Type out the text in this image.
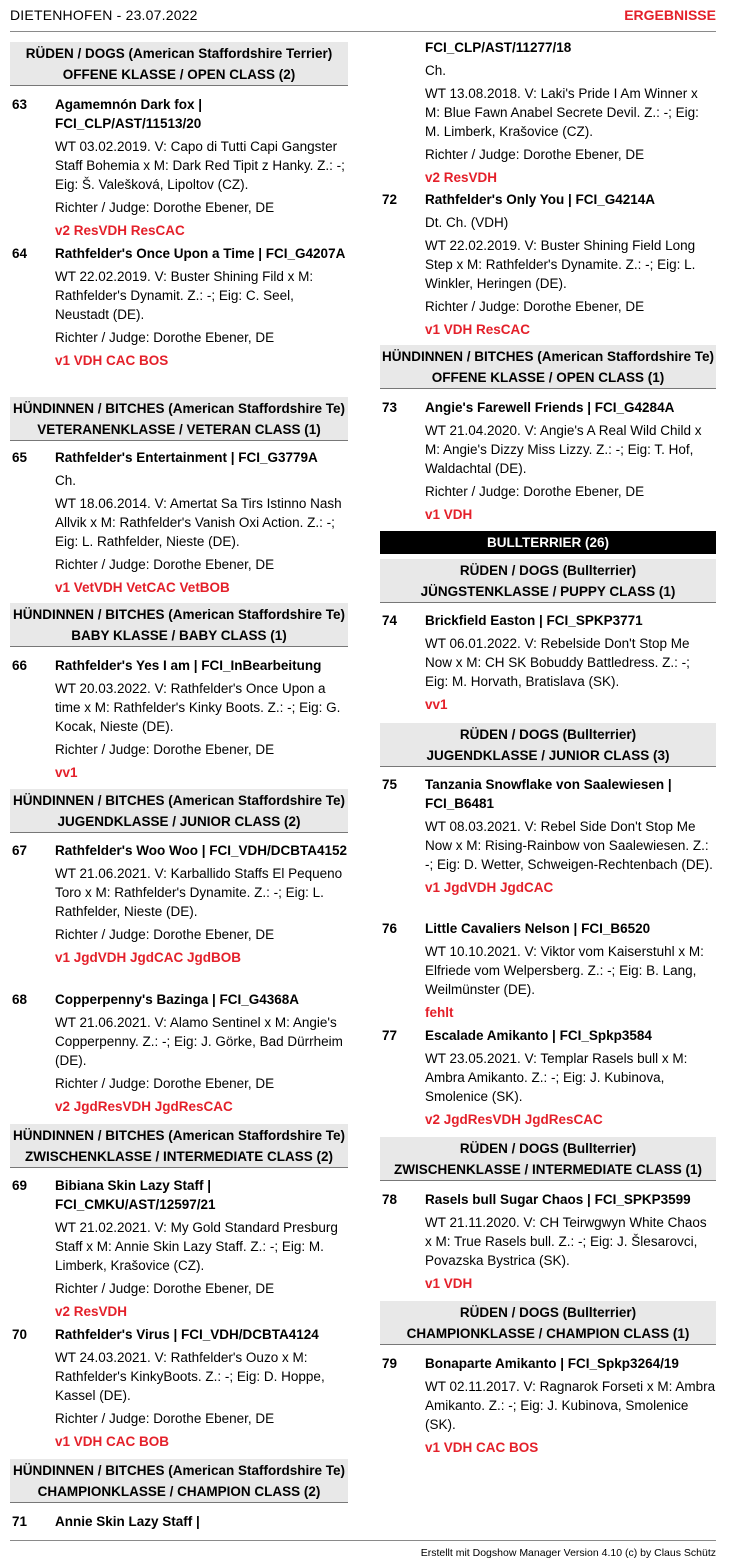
DIETENHOFEN - 23.07.2022	ERGEBNISSE
RÜDEN / DOGS (American Staffordshire Terrier)
OFFENE KLASSE / OPEN CLASS (2)
63 Agamemnón Dark fox | FCI_CLP/AST/11513/20
WT 03.02.2019. V: Capo di Tutti Capi Gangster Staff Bohemia x M: Dark Red Tipit z Hanky. Z.: -; Eig: Š. Valešková, Lipoltov (CZ).
Richter / Judge: Dorothe Ebener, DE
v2 ResVDH ResCAC
64 Rathfelder's Once Upon a Time | FCI_G4207A
WT 22.02.2019. V: Buster Shining Fild x M: Rathfelder's Dynamit. Z.: -; Eig: C. Seel, Neustadt (DE).
Richter / Judge: Dorothe Ebener, DE
v1 VDH CAC BOS
HÜNDINNEN / BITCHES (American Staffordshire Te)
VETERANENKLASSE / VETERAN CLASS (1)
65 Rathfelder's Entertainment | FCI_G3779A
Ch.
WT 18.06.2014. V: Amertat Sa Tirs Istinno Nash Allvik x M: Rathfelder's Vanish Oxi Action. Z.: -; Eig: L. Rathfelder, Nieste (DE).
Richter / Judge: Dorothe Ebener, DE
v1 VetVDH VetCAC VetBOB
HÜNDINNEN / BITCHES (American Staffordshire Te)
BABY KLASSE / BABY CLASS (1)
66 Rathfelder's Yes I am | FCI_InBearbeitung
WT 20.03.2022. V: Rathfelder's Once Upon a time x M: Rathfelder's Kinky Boots. Z.: -; Eig: G. Kocak, Nieste (DE).
Richter / Judge: Dorothe Ebener, DE
vv1
HÜNDINNEN / BITCHES (American Staffordshire Te)
JUGENDKLASSE / JUNIOR CLASS (2)
67 Rathfelder's Woo Woo | FCI_VDH/DCBTA4152
WT 21.06.2021. V: Karballido Staffs El Pequeno Toro x M: Rathfelder's Dynamite. Z.: -; Eig: L. Rathfelder, Nieste (DE).
Richter / Judge: Dorothe Ebener, DE
v1 JgdVDH JgdCAC JgdBOB
68 Copperpenny's Bazinga | FCI_G4368A
WT 21.06.2021. V: Alamo Sentinel x M: Angie's Copperpenny. Z.: -; Eig: J. Görke, Bad Dürrheim (DE).
Richter / Judge: Dorothe Ebener, DE
v2 JgdResVDH JgdResCAC
HÜNDINNEN / BITCHES (American Staffordshire Te)
ZWISCHENKLASSE / INTERMEDIATE CLASS (2)
69 Bibiana Skin Lazy Staff | FCI_CMKU/AST/12597/21
WT 21.02.2021. V: My Gold Standard Presburg Staff x M: Annie Skin Lazy Staff. Z.: -; Eig: M. Limberk, Krašovice (CZ).
Richter / Judge: Dorothe Ebener, DE
v2 ResVDH
70 Rathfelder's Virus | FCI_VDH/DCBTA4124
WT 24.03.2021. V: Rathfelder's Ouzo x M: Rathfelder's KinkyBoots. Z.: -; Eig: D. Hoppe, Kassel (DE).
Richter / Judge: Dorothe Ebener, DE
v1 VDH CAC BOB
HÜNDINNEN / BITCHES (American Staffordshire Te)
CHAMPIONKLASSE / CHAMPION CLASS (2)
71 Annie Skin Lazy Staff |
FCI_CLP/AST/11277/18
Ch.
WT 13.08.2018. V: Laki's Pride I Am Winner x M: Blue Fawn Anabel Secrete Devil. Z.: -; Eig: M. Limberk, Krašovice (CZ).
Richter / Judge: Dorothe Ebener, DE
v2 ResVDH
72 Rathfelder's Only You | FCI_G4214A
Dt. Ch. (VDH)
WT 22.02.2019. V: Buster Shining Field Long Step x M: Rathfelder's Dynamite. Z.: -; Eig: L. Winkler, Heringen (DE).
Richter / Judge: Dorothe Ebener, DE
v1 VDH ResCAC
HÜNDINNEN / BITCHES (American Staffordshire Te)
OFFENE KLASSE / OPEN CLASS (1)
73 Angie's Farewell Friends | FCI_G4284A
WT 21.04.2020. V: Angie's A Real Wild Child x M: Angie's Dizzy Miss Lizzy. Z.: -; Eig: T. Hof, Waldachtal (DE).
Richter / Judge: Dorothe Ebener, DE
v1 VDH
BULLTERRIER (26)
RÜDEN / DOGS (Bullterrier)
JÜNGSTENKLASSE / PUPPY CLASS (1)
74 Brickfield Easton | FCI_SPKP3771
WT 06.01.2022. V: Rebelside Don't Stop Me Now x M: CH SK Bobuddy Battledress. Z.: -; Eig: M. Horvath, Bratislava (SK).
vv1
RÜDEN / DOGS (Bullterrier)
JUGENDKLASSE / JUNIOR CLASS (3)
75 Tanzania Snowflake von Saalewiesen | FCI_B6481
WT 08.03.2021. V: Rebel Side Don't Stop Me Now x M: Rising-Rainbow von Saalewiesen. Z.: -; Eig: D. Wetter, Schweigen-Rechtenbach (DE).
v1 JgdVDH JgdCAC
76 Little Cavaliers Nelson | FCI_B6520
WT 10.10.2021. V: Viktor vom Kaiserstuhl x M: Elfriede vom Welpersberg. Z.: -; Eig: B. Lang, Weilmünster (DE).
fehlt
77 Escalade Amikanto | FCI_Spkp3584
WT 23.05.2021. V: Templar Rasels bull x M: Ambra Amikanto. Z.: -; Eig: J. Kubinova, Smolenice (SK).
v2 JgdResVDH JgdResCAC
RÜDEN / DOGS (Bullterrier)
ZWISCHENKLASSE / INTERMEDIATE CLASS (1)
78 Rasels bull Sugar Chaos | FCI_SPKP3599
WT 21.11.2020. V: CH Teirwgwyn White Chaos x M: True Rasels bull. Z.: -; Eig: J. Šlesarovci, Povazska Bystrica (SK).
v1 VDH
RÜDEN / DOGS (Bullterrier)
CHAMPIONKLASSE / CHAMPION CLASS (1)
79 Bonaparte Amikanto | FCI_Spkp3264/19
WT 02.11.2017. V: Ragnarok Forseti x M: Ambra Amikanto. Z.: -; Eig: J. Kubinova, Smolenice (SK).
v1 VDH CAC BOS
Erstellt mit Dogshow Manager Version 4.10 (c) by Claus Schütz
